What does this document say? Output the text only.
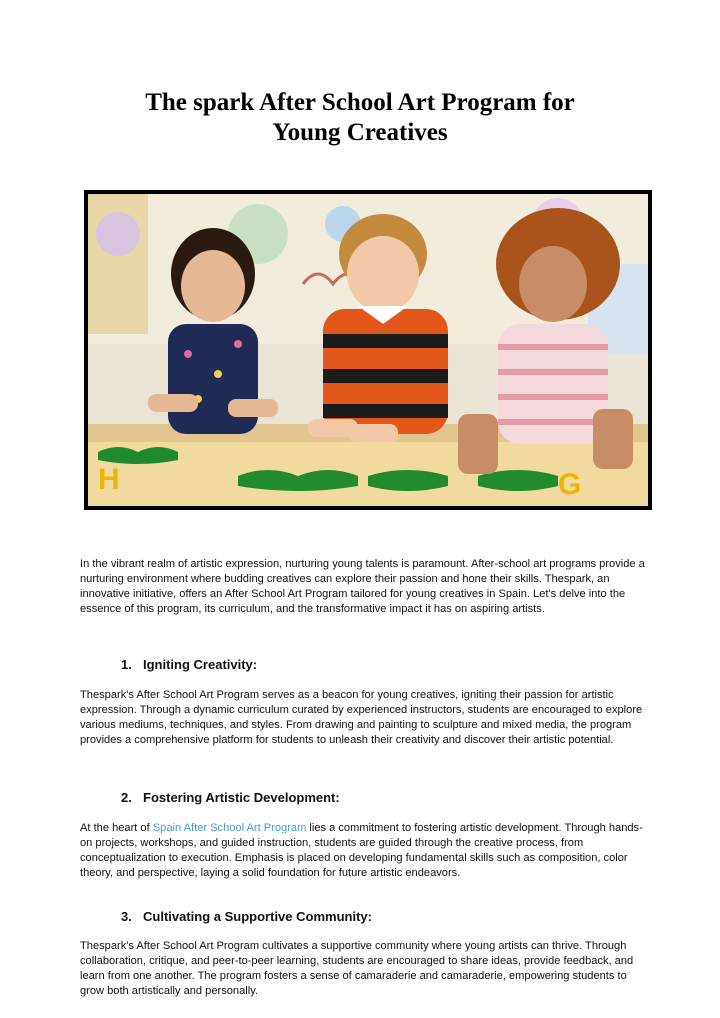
The spark After School Art Program for
Young Creatives
H	G

In the vibrant realm of artistic expression, nurturing young talents is paramount. After-school art programs provide a nurturing environment where budding creatives can explore their passion and hone their skills. Thespark, an innovative initiative, offers an After School Art Program tailored for young creatives in Spain. Let's delve into the essence of this program, its curriculum, and the transformative impact it has on aspiring artists.

1. Igniting Creativity:

Thespark's After School Art Program serves as a beacon for young creatives, igniting their passion for artistic expression. Through a dynamic curriculum curated by experienced instructors, students are encouraged to explore various mediums, techniques, and styles. From drawing and painting to sculpture and mixed media, the program provides a comprehensive platform for students to unleash their creativity and discover their artistic potential.

2. Fostering Artistic Development:

At the heart of Spain After School Art Program lies a commitment to fostering artistic development. Through hands-on projects, workshops, and guided instruction, students are guided through the creative process, from conceptualization to execution. Emphasis is placed on developing fundamental skills such as composition, color theory, and perspective, laying a solid foundation for future artistic endeavors.

3. Cultivating a Supportive Community:

Thespark's After School Art Program cultivates a supportive community where young artists can thrive. Through collaboration, critique, and peer-to-peer learning, students are encouraged to share ideas, provide feedback, and learn from one another. The program fosters a sense of camaraderie and camaraderie, empowering students to grow both artistically and personally.
